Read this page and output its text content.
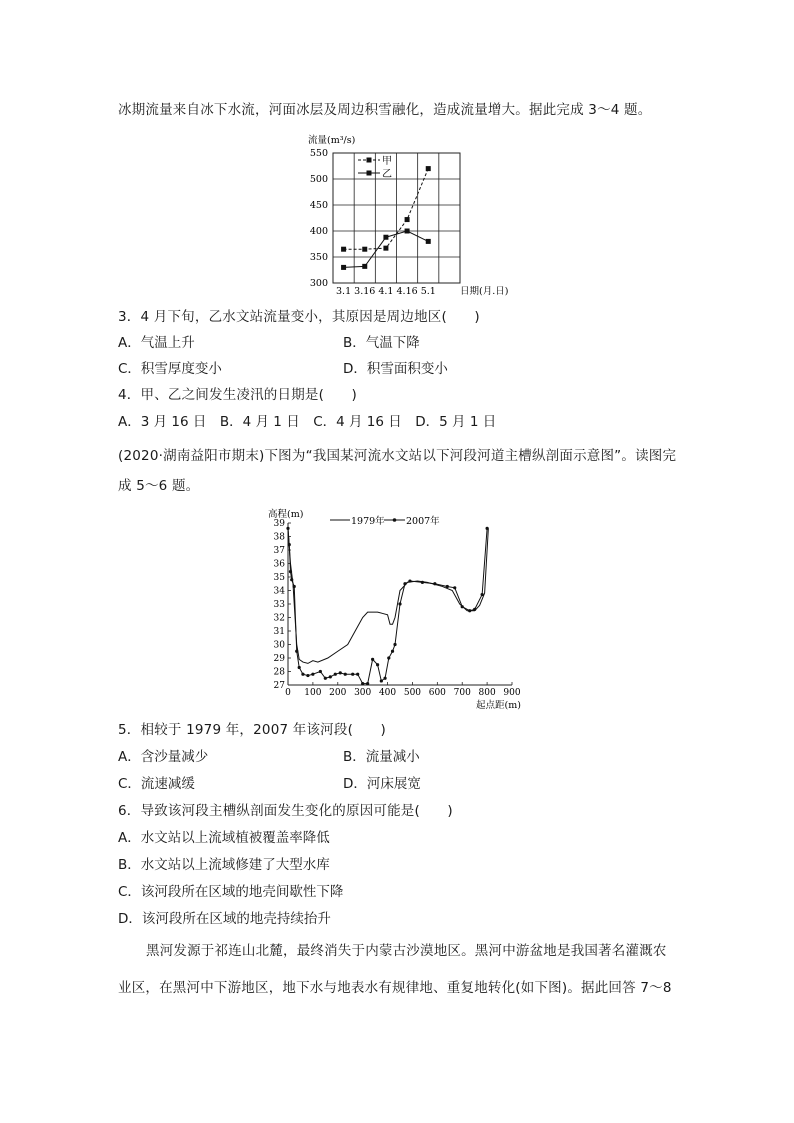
冰期流量来自冰下水流，河面冰层及周边积雪融化，造成流量增大。据此完成 3～4 题。
流量(m³/s)
550
500
450
400
350
300
3.1 3.16 4.1 4.16 5.1
甲
乙
日期(月.日)
3．4 月下旬，乙水文站流量变小，其原因是周边地区(　　)
A．气温上升	B．气温下降
C．积雪厚度变小	D．积雪面积变小
4．甲、乙之间发生凌汛的日期是(　　)
A．3 月 16 日　B．4 月 1 日　C．4 月 16 日　D．5 月 1 日
(2020·湖南益阳市期末)下图为“我国某河流水文站以下河段河道主槽纵剖面示意图”。读图完
成 5～6 题。
高程(m)
39
38
37
36
35
34
33
32
31
30
29
28
27
0 100 200 300 400 500 600 700 800 900
1979年 2007年
起点距(m)
5．相较于 1979 年，2007 年该河段(　　)
A．含沙量减少	B．流量减小
C．流速减缓	D．河床展宽
6．导致该河段主槽纵剖面发生变化的原因可能是(　　)
A．水文站以上流域植被覆盖率降低
B．水文站以上流域修建了大型水库
C．该河段所在区域的地壳间歇性下降
D．该河段所在区域的地壳持续抬升
黑河发源于祁连山北麓，最终消失于内蒙古沙漠地区。黑河中游盆地是我国著名灌溉农
业区，在黑河中下游地区，地下水与地表水有规律地、重复地转化(如下图)。据此回答 7～8
